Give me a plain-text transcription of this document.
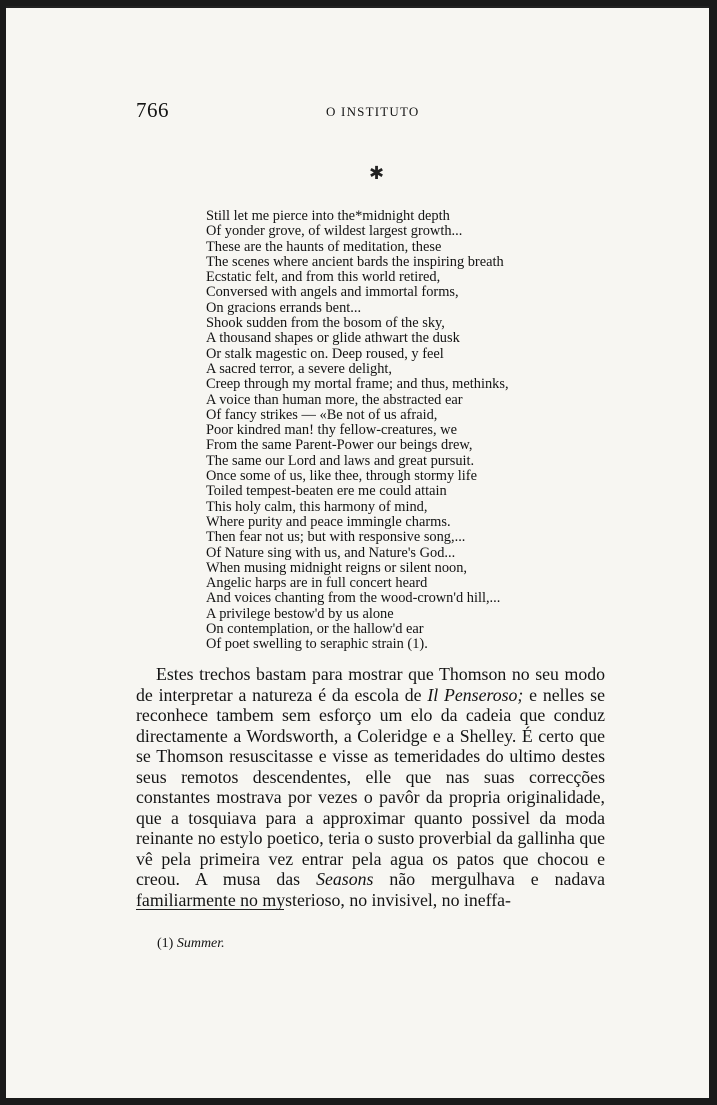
766	O INSTITUTO
✱
Still let me pierce into the*midnight depth
Of yonder grove, of wildest largest growth...
These are the haunts of meditation, these
The scenes where ancient bards the inspiring breath
Ecstatic felt, and from this world retired,
Conversed with angels and immortal forms,
On gracions errands bent...
Shook sudden from the bosom of the sky,
A thousand shapes or glide athwart the dusk
Or stalk magestic on. Deep roused, y feel
A sacred terror, a severe delight,
Creep through my mortal frame; and thus, methinks,
A voice than human more, the abstracted ear
Of fancy strikes — «Be not of us afraid,
Poor kindred man! thy fellow-creatures, we
From the same Parent-Power our beings drew,
The same our Lord and laws and great pursuit.
Once some of us, like thee, through stormy life
Toiled tempest-beaten ere me could attain
This holy calm, this harmony of mind,
Where purity and peace immingle charms.
Then fear not us; but with responsive song,...
Of Nature sing with us, and Nature's God...
When musing midnight reigns or silent noon,
Angelic harps are in full concert heard
And voices chanting from the wood-crown'd hill,...
A privilege bestow'd by us alone
On contemplation, or the hallow'd ear
Of poet swelling to seraphic strain (1).

Estes trechos bastam para mostrar que Thomson no seu modo de interpretar a natureza é da escola de Il Penseroso; e nelles se reconhece tambem sem esforço um elo da cadeia que conduz directamente a Wordsworth, a Coleridge e a Shelley. É certo que se Thomson resuscitasse e visse as temeridades do ultimo destes seus remotos descendentes, elle que nas suas correcções constantes mostrava por vezes o pavôr da propria originalidade, que a tosquiava para a approximar quanto possivel da moda reinante no estylo poetico, teria o susto proverbial da gallinha que vê pela primeira vez entrar pela agua os patos que chocou e creou. A musa das Seasons não mergulhava e nadava familiarmente no mysterioso, no invisivel, no ineffa-

(1) Summer.
